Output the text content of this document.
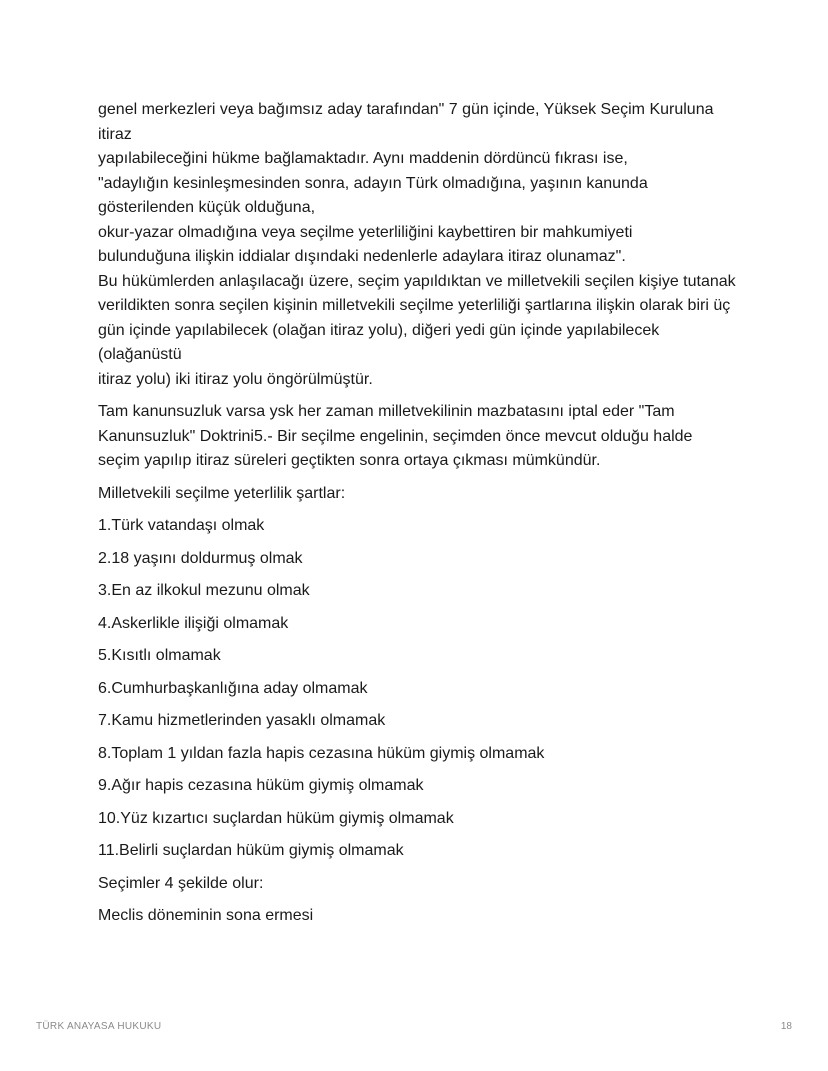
genel merkezleri veya bağımsız aday tarafından" 7 gün içinde, Yüksek Seçim Kuruluna itiraz
yapılabileceğini hükme bağlamaktadır. Aynı maddenin dördüncü fıkrası ise,
"adaylığın kesinleşmesinden sonra, adayın Türk olmadığına, yaşının kanunda gösterilenden küçük olduğuna,
okur-yazar olmadığına veya seçilme yeterliliğini kaybettiren bir mahkumiyeti
bulunduğuna ilişkin iddialar dışındaki nedenlerle adaylara itiraz olunamaz".
Bu hükümlerden anlaşılacağı üzere, seçim yapıldıktan ve milletvekili seçilen kişiye tutanak
verildikten sonra seçilen kişinin milletvekili seçilme yeterliliği şartlarına ilişkin olarak biri üç
gün içinde yapılabilecek (olağan itiraz yolu), diğeri yedi gün içinde yapılabilecek (olağanüstü
itiraz yolu) iki itiraz yolu öngörülmüştür.
Tam kanunsuzluk varsa ysk her zaman milletvekilinin mazbatasını iptal eder "Tam Kanunsuzluk" Doktrini5.- Bir seçilme engelinin, seçimden önce mevcut olduğu halde seçim yapılıp itiraz süreleri geçtikten sonra ortaya çıkması mümkündür.
Milletvekili seçilme yeterlilik şartlar:
1.Türk vatandaşı olmak
2.18 yaşını doldurmuş olmak
3.En az ilkokul mezunu olmak
4.Askerlikle ilişiği olmamak
5.Kısıtlı olmamak
6.Cumhurbaşkanlığına aday olmamak
7.Kamu hizmetlerinden yasaklı olmamak
8.Toplam 1 yıldan fazla hapis cezasına hüküm giymiş olmamak
9.Ağır hapis cezasına hüküm giymiş olmamak
10.Yüz kızartıcı suçlardan hüküm giymiş olmamak
11.Belirli suçlardan hüküm giymiş olmamak
Seçimler 4 şekilde olur:
Meclis döneminin sona ermesi
TÜRK ANAYASA HUKUKU	18
